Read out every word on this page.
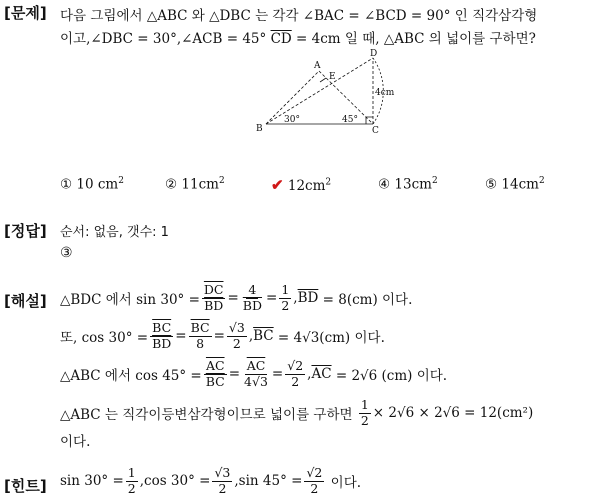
[문제] 다음 그림에서 △ABC 와 △DBC 는 각각 ∠BAC = ∠BCD = 90° 인 직각삼각형
이고,∠DBC = 30°,∠ACB = 45° $\overline{CD} = 4cm$ 일 때, △ABC 의 넓이를 구하면?
A
B	C
D
E
30°	45°
4cm
① 10 $cm^2$	② $11cm^2$	✔ $12cm^2$	④ $13cm^2$	⑤ $14cm^2$
[정답] 순서: 없음, 갯수: 1
③
[해설] △BDC 에서 $\sin 30^\circ = \frac{\overline{DC}}{BD} = \frac{4}{BD} = \frac{1}{2}$ , $\overline{BD}$
= 8(cm) 이다.
또, $\cos 30^\circ = \frac{\overline{BC}}{BD} = \frac{\overline{BC}}{8} = \frac{√3}{2}$ , $\overline{BC}$
= 4√3(cm) 이다.
△ABC 에서 $\cos 45^\circ = \frac{\overline{AC}}{BC} = \frac{\overline{AC}}{4√3} = \frac{√2}{2}$ , $\overline{AC}$
= 2√6 (cm) 이다.
△ABC 는 직각이등변삼각형이므로 넓이를 구하면
$\frac{1}{2} \times 2√6 \times 2√6 = 12(cm^2)$
이다.
[힌트] $\sin 30^\circ = \frac{1}{2} ,\cos$ $30^\circ = \frac{√3}{2} ,\sin$ $45^\circ = \frac{√2}{2}$
이다.
